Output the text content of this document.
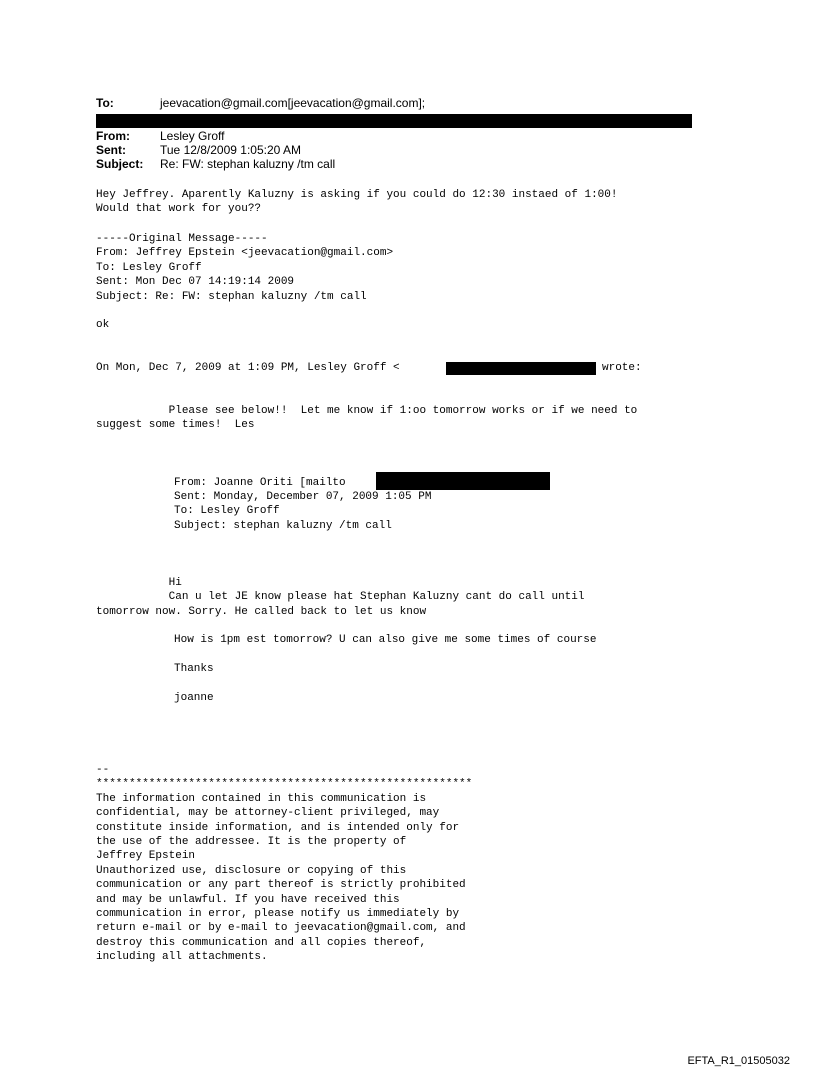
To:	jeevacation@gmail.com[jeevacation@gmail.com];
From:	Lesley Groff
Sent:	Tue 12/8/2009 1:05:20 AM
Subject: Re: FW: stephan kaluzny /tm call
Hey Jeffrey. Aparently Kaluzny is asking if you could do 12:30 instaed of 1:00!
Would that work for you??
-----Original Message-----
From: Jeffrey Epstein <jeevacation@gmail.com>
To: Lesley Groff
Sent: Mon Dec 07 14:19:14 2009
Subject: Re: FW: stephan kaluzny /tm call
ok
On Mon, Dec 7, 2009 at 1:09 PM, Lesley Groff <	wrote:
Please see below!!  Let me know if 1:oo tomorrow works or if we need to
suggest some times!  Les
From: Joanne Oriti [mailto
Sent: Monday, December 07, 2009 1:05 PM
To: Lesley Groff
Subject: stephan kaluzny /tm call
Hi
Can u let JE know please hat Stephan Kaluzny cant do call until
tomorrow now. Sorry. He called back to let us know
How is 1pm est tomorrow? U can also give me some times of course
Thanks
joanne
--
*********************************************************
The information contained in this communication is
confidential, may be attorney-client privileged, may
constitute inside information, and is intended only for
the use of the addressee. It is the property of
Jeffrey Epstein
Unauthorized use, disclosure or copying of this
communication or any part thereof is strictly prohibited
and may be unlawful. If you have received this
communication in error, please notify us immediately by
return e-mail or by e-mail to jeevacation@gmail.com, and
destroy this communication and all copies thereof,
including all attachments.
EFTA_R1_01505032
